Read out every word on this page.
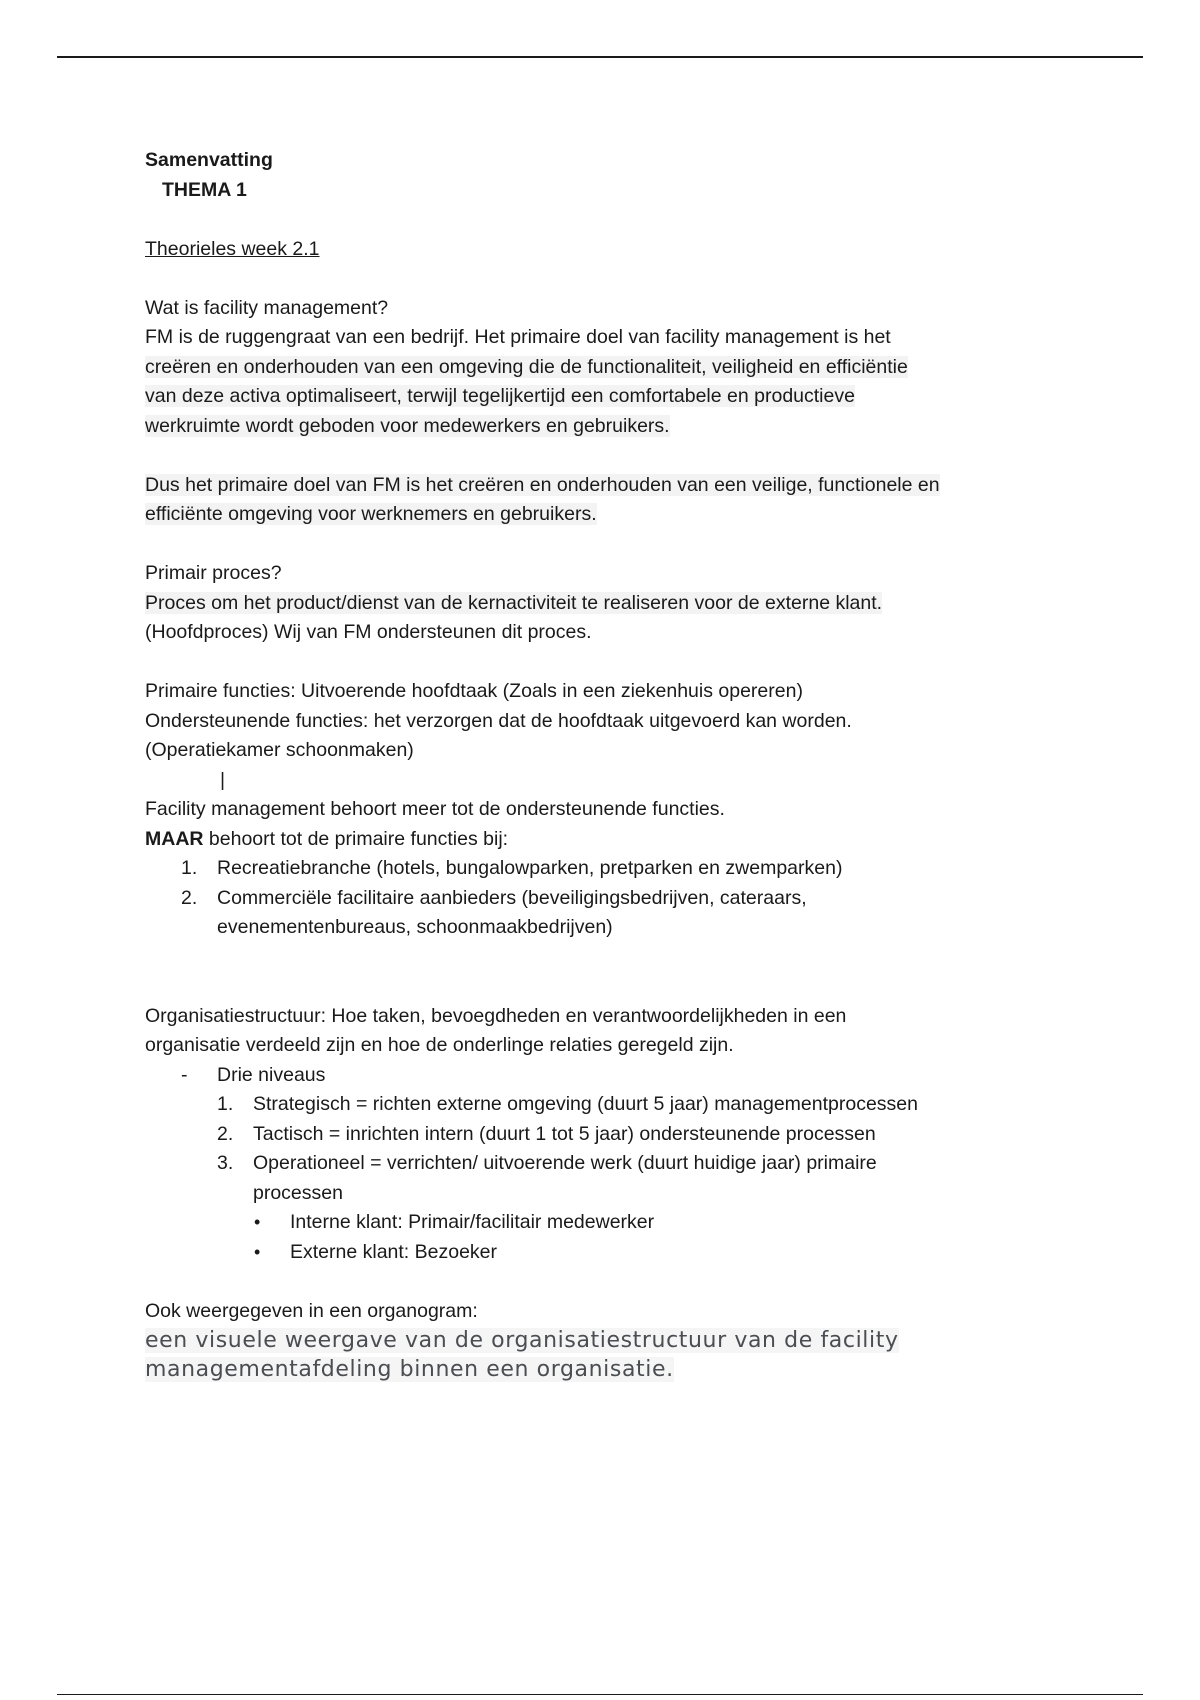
Samenvatting

THEMA 1

Theorieles week 2.1

Wat is facility management?

FM is de ruggengraat van een bedrijf. Het primaire doel van facility management is het

creëren en onderhouden van een omgeving die de functionaliteit, veiligheid en efficiëntie

van deze activa optimaliseert, terwijl tegelijkertijd een comfortabele en productieve

werkruimte wordt geboden voor medewerkers en gebruikers.

Dus het primaire doel van FM is het creëren en onderhouden van een veilige, functionele en

efficiënte omgeving voor werknemers en gebruikers.

Primair proces?

Proces om het product/dienst van de kernactiviteit te realiseren voor de externe klant.

(Hoofdproces) Wij van FM ondersteunen dit proces.

Primaire functies: Uitvoerende hoofdtaak (Zoals in een ziekenhuis opereren)

Ondersteunende functies: het verzorgen dat de hoofdtaak uitgevoerd kan worden.

(Operatiekamer schoonmaken)

|

Facility management behoort meer tot de ondersteunende functies.

MAAR behoort tot de primaire functies bij:

1. Recreatiebranche (hotels, bungalowparken, pretparken en zwemparken)

2. Commerciële facilitaire aanbieders (beveiligingsbedrijven, cateraars,

evenementenbureaus, schoonmaakbedrijven)

Organisatiestructuur: Hoe taken, bevoegdheden en verantwoordelijkheden in een

organisatie verdeeld zijn en hoe de onderlinge relaties geregeld zijn.

- Drie niveaus

1. Strategisch = richten externe omgeving (duurt 5 jaar) managementprocessen

2. Tactisch = inrichten intern (duurt 1 tot 5 jaar) ondersteunende processen

3. Operationeel = verrichten/ uitvoerende werk (duurt huidige jaar) primaire

processen

• Interne klant: Primair/facilitair medewerker

• Externe klant: Bezoeker

Ook weergegeven in een organogram:

een visuele weergave van de organisatiestructuur van de facility

managementafdeling binnen een organisatie.
